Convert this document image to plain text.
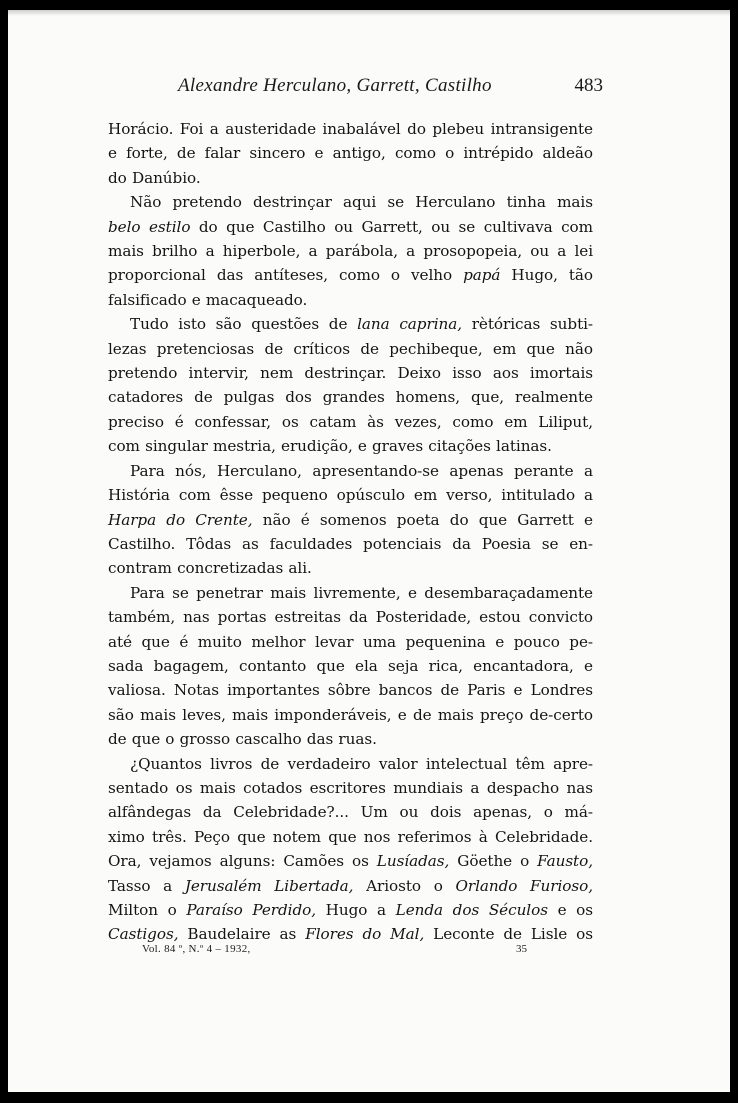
Alexandre Herculano, Garrett, Castilho	483

Horácio. Foi a austeridade inabalável do plebeu intransigente
e forte, de falar sincero e antigo, como o intrépido aldeão
do Danúbio.

Não pretendo destrinçar aqui se Herculano tinha mais
belo estilo do que Castilho ou Garrett, ou se cultivava com
mais brilho a hiperbole, a parábola, a prosopopeia, ou a lei
proporcional das antíteses, como o velho papá Hugo, tão
falsificado e macaqueado.

Tudo isto são questões de lana caprina, rètóricas subti-
lezas pretenciosas de críticos de pechibeque, em que não
pretendo intervir, nem destrinçar. Deixo isso aos imortais
catadores de pulgas dos grandes homens, que, realmente
preciso é confessar, os catam às vezes, como em Liliput,
com singular mestria, erudição, e graves citações latinas.

Para nós, Herculano, apresentando-se apenas perante a
História com êsse pequeno opúsculo em verso, intitulado a
Harpa do Crente, não é somenos poeta do que Garrett e
Castilho. Tôdas as faculdades potenciais da Poesia se en-
contram concretizadas ali.

Para se penetrar mais livremente, e desembaraçadamente
também, nas portas estreitas da Posteridade, estou convicto
até que é muito melhor levar uma pequenina e pouco pe-
sada bagagem, contanto que ela seja rica, encantadora, e
valiosa. Notas importantes sôbre bancos de Paris e Londres
são mais leves, mais imponderáveis, e de mais preço de-certo
de que o grosso cascalho das ruas.

¿Quantos livros de verdadeiro valor intelectual têm apre-
sentado os mais cotados escritores mundiais a despacho nas
alfândegas da Celebridade?... Um ou dois apenas, o má-
ximo três. Peço que notem que nos referimos à Celebridade.
Ora, vejamos alguns: Camões os Lusíadas, Göethe o Fausto,
Tasso a Jerusalém Libertada, Ariosto o Orlando Furioso,
Milton o Paraíso Perdido, Hugo a Lenda dos Séculos e os
Castigos, Baudelaire as Flores do Mal, Leconte de Lisle os

Vol. 84 º, N.º 4 – 1932,	35
